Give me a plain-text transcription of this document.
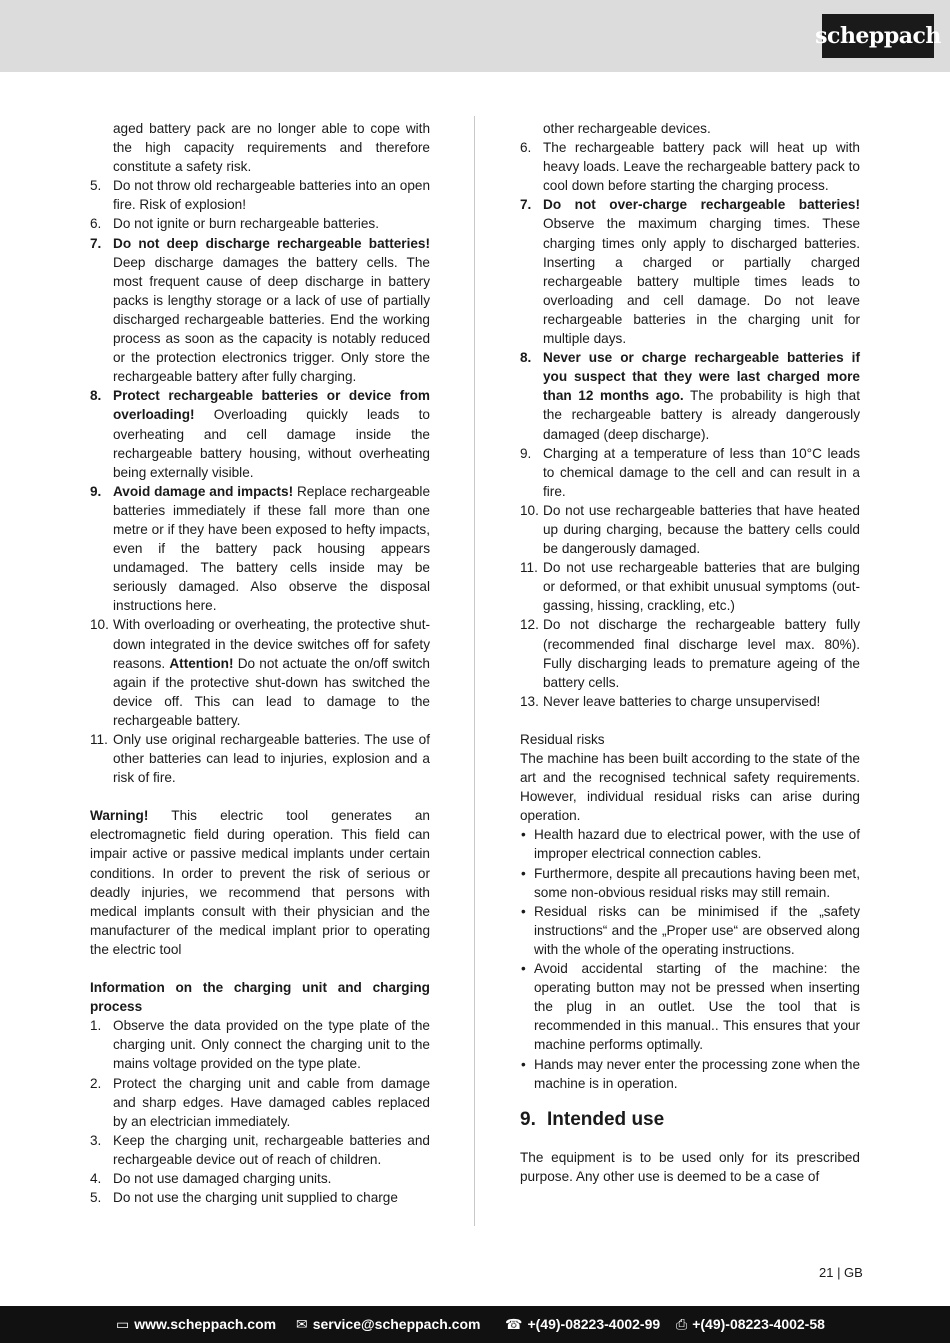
scheppach
aged battery pack are no longer able to cope with the high capacity requirements and therefore constitute a safety risk.
5. Do not throw old rechargeable batteries into an open fire. Risk of explosion!
6. Do not ignite or burn rechargeable batteries.
7. Do not deep discharge rechargeable batteries! Deep discharge damages the battery cells. The most frequent cause of deep discharge in battery packs is lengthy storage or a lack of use of partially discharged rechargeable batteries. End the working process as soon as the capacity is notably reduced or the protection electronics trigger. Only store the rechargeable battery after fully charging.
8. Protect rechargeable batteries or device from overloading! Overloading quickly leads to overheating and cell damage inside the rechargeable battery housing, without overheating being externally visible.
9. Avoid damage and impacts! Replace rechargeable batteries immediately if these fall more than one metre or if they have been exposed to hefty impacts, even if the battery pack housing appears undamaged. The battery cells inside may be seriously damaged. Also observe the disposal instructions here.
10. With overloading or overheating, the protective shut-down integrated in the device switches off for safety reasons. Attention! Do not actuate the on/off switch again if the protective shut-down has switched the device off. This can lead to damage to the rechargeable battery.
11. Only use original rechargeable batteries. The use of other batteries can lead to injuries, explosion and a risk of fire.

Warning! This electric tool generates an electromagnetic field during operation. This field can impair active or passive medical implants under certain conditions. In order to prevent the risk of serious or deadly injuries, we recommend that persons with medical implants consult with their physician and the manufacturer of the medical implant prior to operating the electric tool

Information on the charging unit and charging process
1. Observe the data provided on the type plate of the charging unit. Only connect the charging unit to the mains voltage provided on the type plate.
2. Protect the charging unit and cable from damage and sharp edges. Have damaged cables replaced by an electrician immediately.
3. Keep the charging unit, rechargeable batteries and rechargeable device out of reach of children.
4. Do not use damaged charging units.
5. Do not use the charging unit supplied to charge
other rechargeable devices.
6. The rechargeable battery pack will heat up with heavy loads. Leave the rechargeable battery pack to cool down before starting the charging process.
7. Do not over-charge rechargeable batteries! Observe the maximum charging times. These charging times only apply to discharged batteries. Inserting a charged or partially charged rechargeable battery multiple times leads to overloading and cell damage. Do not leave rechargeable batteries in the charging unit for multiple days.
8. Never use or charge rechargeable batteries if you suspect that they were last charged more than 12 months ago. The probability is high that the rechargeable battery is already dangerously damaged (deep discharge).
9. Charging at a temperature of less than 10°C leads to chemical damage to the cell and can result in a fire.
10. Do not use rechargeable batteries that have heated up during charging, because the battery cells could be dangerously damaged.
11. Do not use rechargeable batteries that are bulging or deformed, or that exhibit unusual symptoms (out-gassing, hissing, crackling, etc.)
12. Do not discharge the rechargeable battery fully (recommended final discharge level max. 80%). Fully discharging leads to premature ageing of the battery cells.
13. Never leave batteries to charge unsupervised!
Residual risks

The machine has been built according to the state of the art and the recognised technical safety requirements. However, individual residual risks can arise during operation.

• Health hazard due to electrical power, with the use of improper electrical connection cables.
• Furthermore, despite all precautions having been met, some non-obvious residual risks may still remain.
• Residual risks can be minimised if the „safety instructions“ and the „Proper use“ are observed along with the whole of the operating instructions.
• Avoid accidental starting of the machine: the operating button may not be pressed when inserting the plug in an outlet. Use the tool that is recommended in this manual.. This ensures that your machine performs optimally.
• Hands may never enter the processing zone when the machine is in operation.
9. Intended use

The equipment is to be used only for its prescribed purpose. Any other use is deemed to be a case of

21 | GB
▭ www.scheppach.com ✉ service@scheppach.com ☎ +(49)-08223-4002-99 ⎙ +(49)-08223-4002-58
